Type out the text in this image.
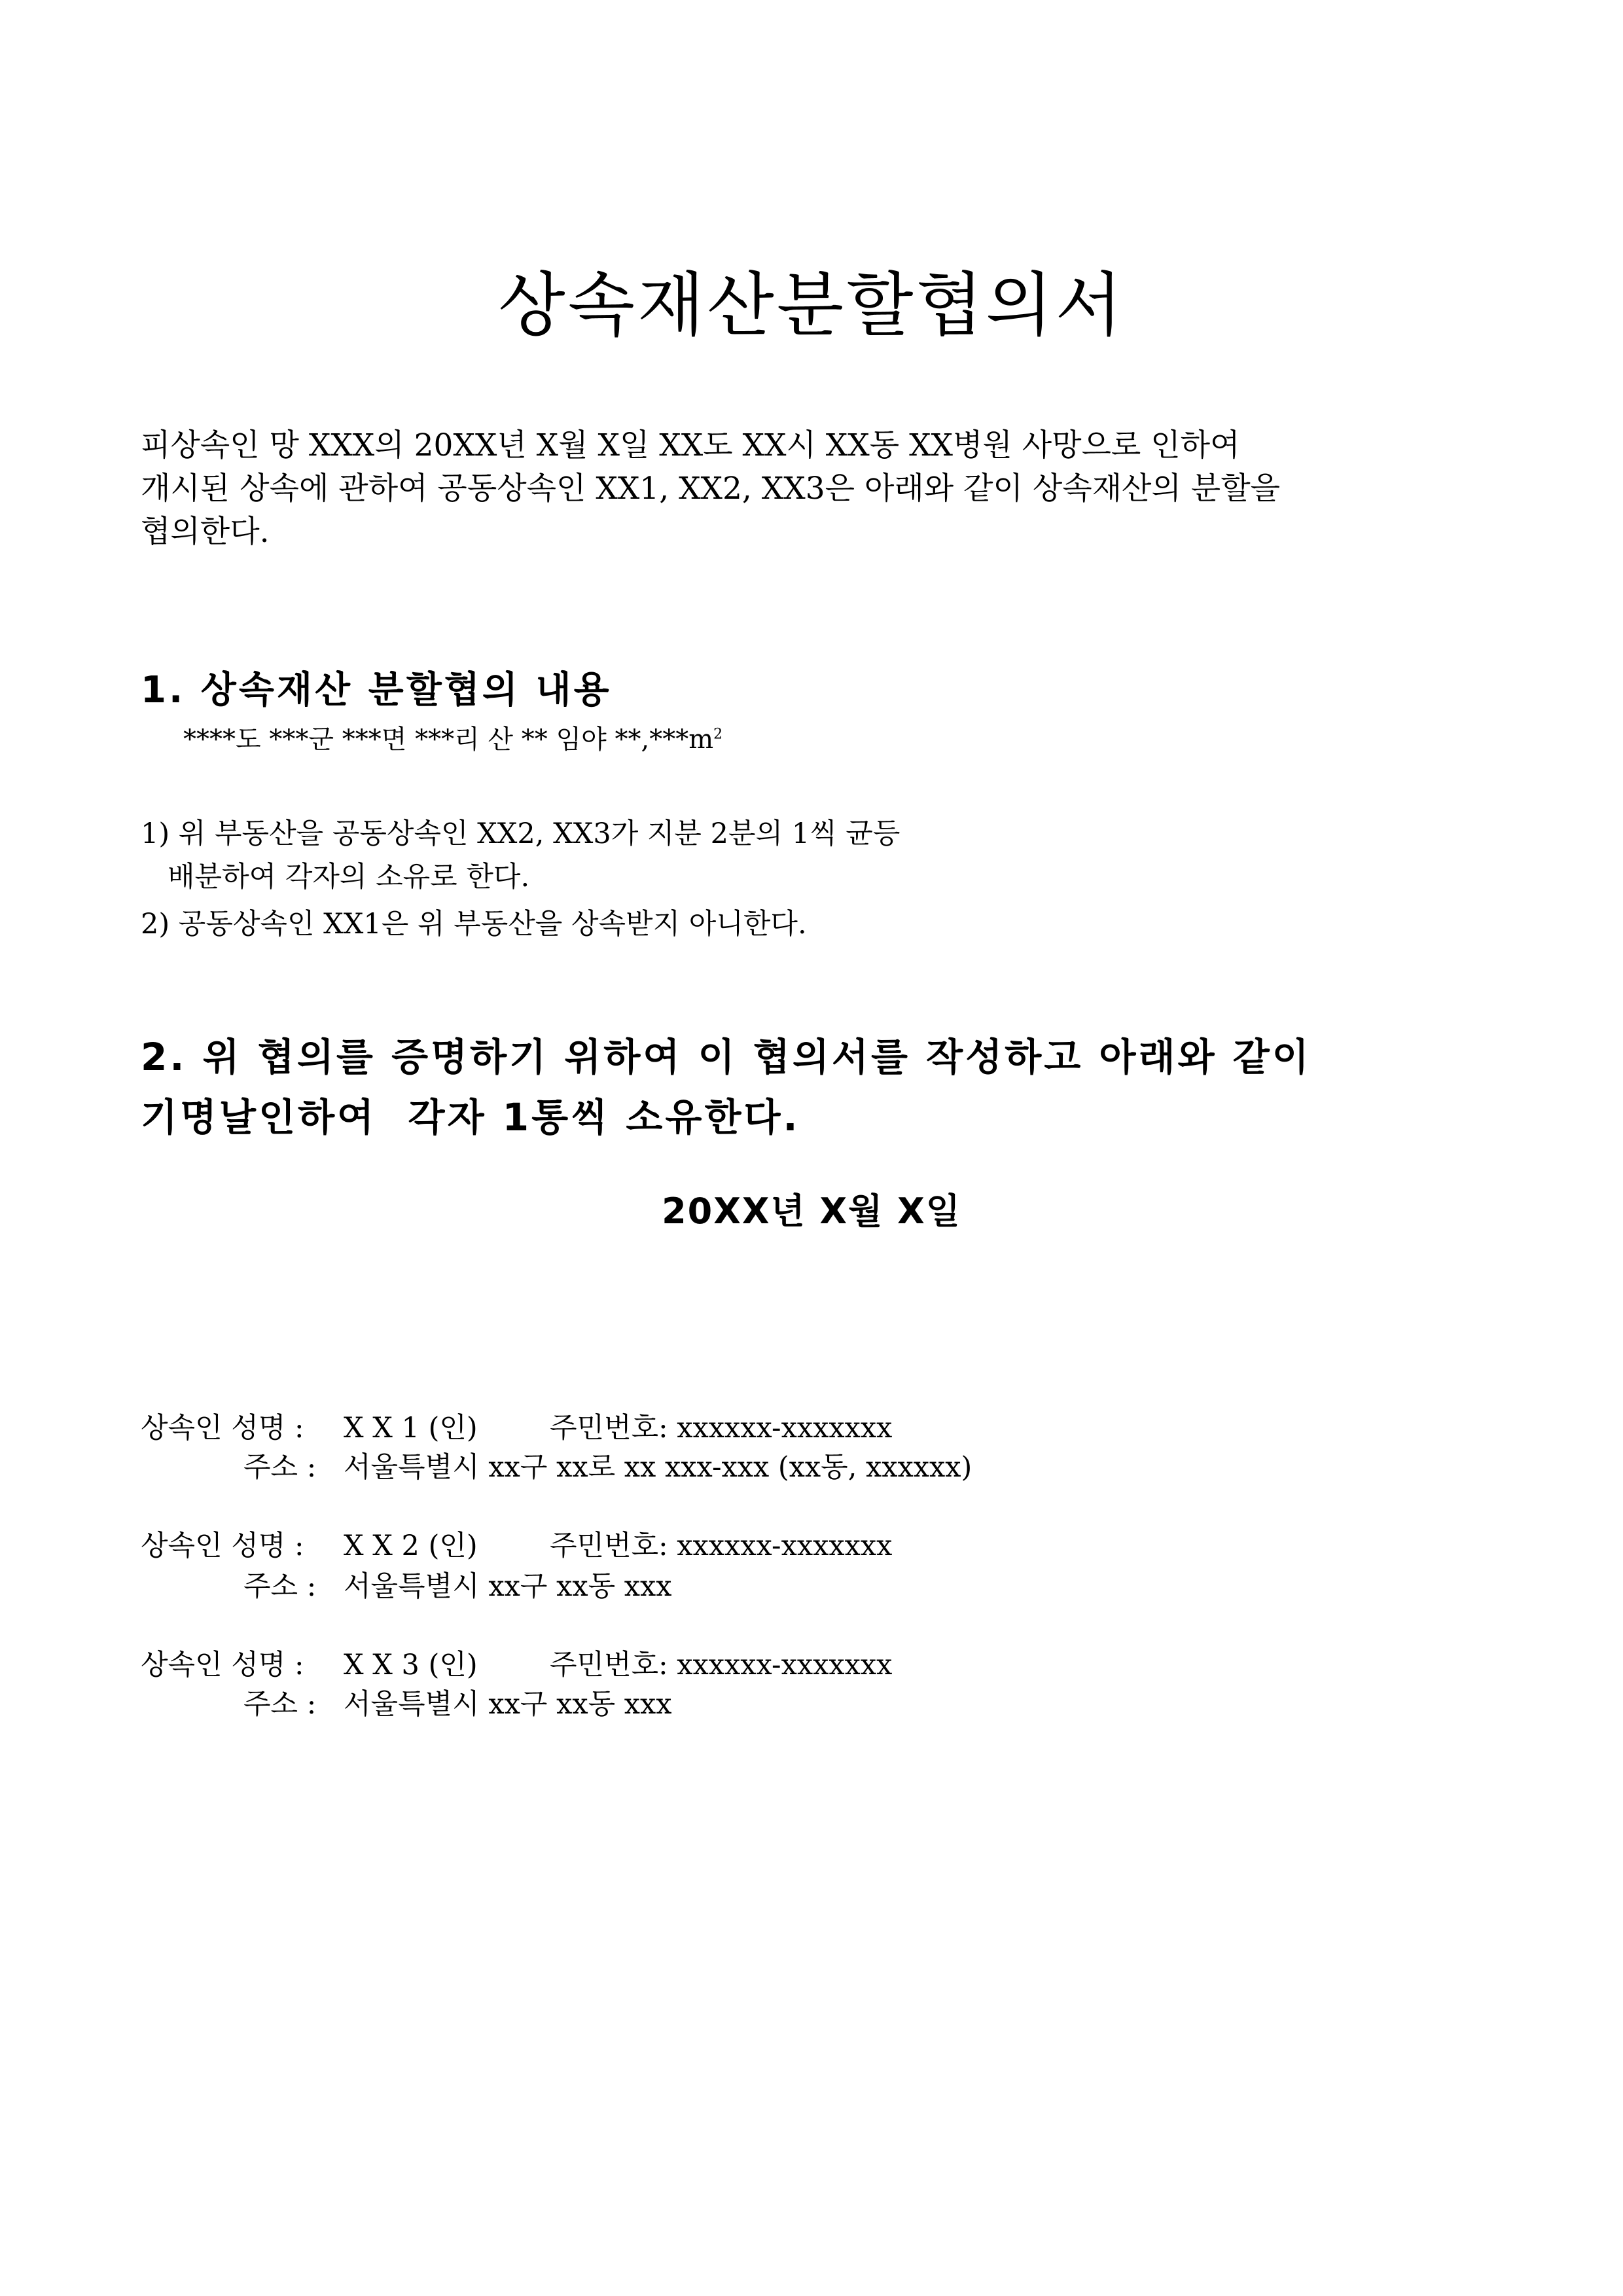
상속재산분할협의서
피상속인 망 XXX의 20XX년 X월 X일 XX도 XX시 XX동 XX병원 사망으로 인하여
개시된 상속에 관하여 공동상속인 XX1, XX2, XX3은 아래와 같이 상속재산의 분할을
협의한다.
1. 상속재산 분할협의 내용
****도 ***군 ***면 ***리 산 ** 임야 $**,***m^2$
1) 위 부동산을 공동상속인 XX2, XX3가 지분 2분의 1씩 균등
배분하여 각자의 소유로 한다.
2) 공동상속인 XX1은 위 부동산을 상속받지 아니한다.
2. 위 협의를 증명하기 위하여 이 협의서를 작성하고 아래와 같이
기명날인하여  각자 1통씩 소유한다.
20XX년 X월 X일
상속인 성명 : X X 1 (인)	주민번호: xxxxxx-xxxxxxx
주소 : 서울특별시 xx구 xx로 xx xxx-xxx (xx동, xxxxxx)
상속인 성명 : X X 2 (인)	주민번호: xxxxxx-xxxxxxx
주소 : 서울특별시 xx구 xx동 xxx
상속인 성명 : X X 3 (인)	주민번호: xxxxxx-xxxxxxx
주소 : 서울특별시 xx구 xx동 xxx
